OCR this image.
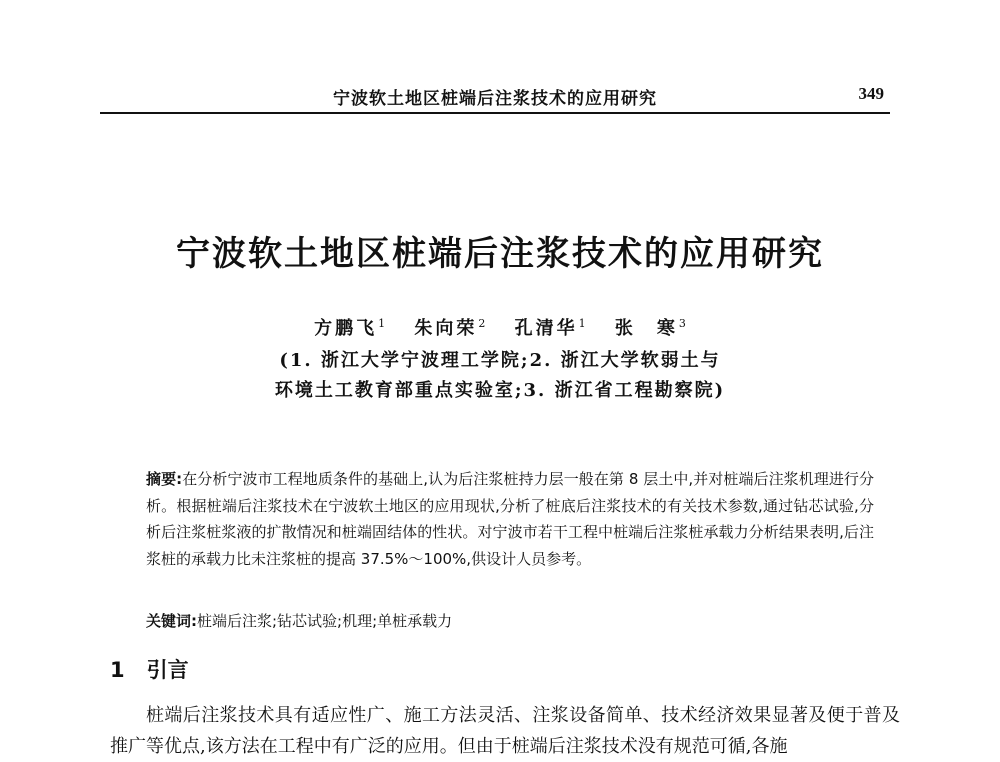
宁波软土地区桩端后注浆技术的应用研究	349
宁波软土地区桩端后注浆技术的应用研究
方鹏飞$^1$ 朱向荣$^2$ 孔清华$^1$ 张　寒$^3$
(1. 浙江大学宁波理工学院;2. 浙江大学软弱土与
环境土工教育部重点实验室;3. 浙江省工程勘察院)
摘要:在分析宁波市工程地质条件的基础上,认为后注浆桩持力层一般在第 8 层土中,并对桩端后注浆机理进行分析。根据桩端后注浆技术在宁波软土地区的应用现状,分析了桩底后注浆技术的有关技术参数,通过钻芯试验,分析后注浆桩浆液的扩散情况和桩端固结体的性状。对宁波市若干工程中桩端后注浆桩承载力分析结果表明,后注浆桩的承载力比未注浆桩的提高 37.5%～100%,供设计人员参考。
关键词:桩端后注浆;钻芯试验;机理;单桩承载力
1 引言
桩端后注浆技术具有适应性广、施工方法灵活、注浆设备简单、技术经济效果显著及便于普及推广等优点,该方法在工程中有广泛的应用。但由于桩端后注浆技术没有规范可循,各施
